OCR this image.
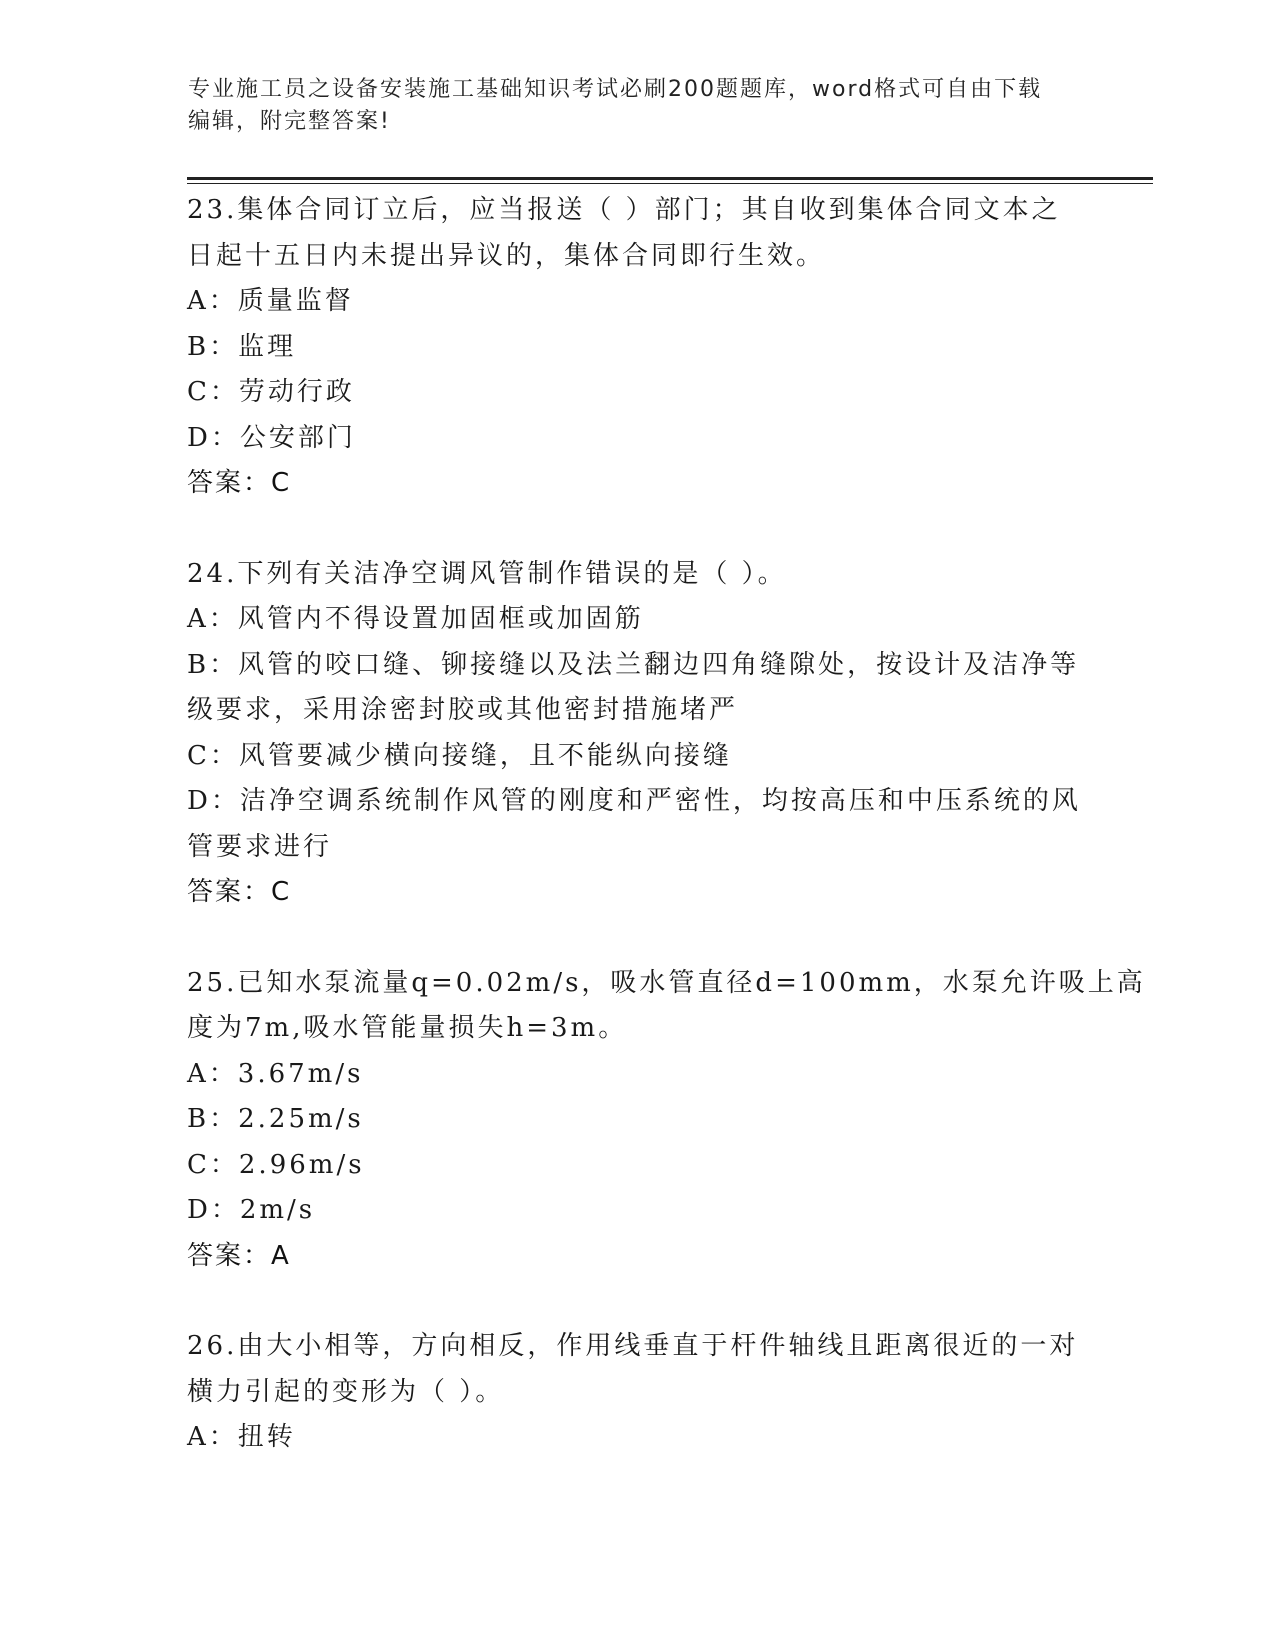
专业施工员之设备安装施工基础知识考试必刷200题题库，word格式可自由下载
编辑，附完整答案!
23.集体合同订立后，应当报送（ ）部门；其自收到集体合同文本之
日起十五日内未提出异议的，集体合同即行生效。
A：质量监督
B：监理
C：劳动行政
D：公安部门
答案：C
24.下列有关洁净空调风管制作错误的是（ ）。
A：风管内不得设置加固框或加固筋
B：风管的咬口缝、铆接缝以及法兰翻边四角缝隙处，按设计及洁净等
级要求，采用涂密封胶或其他密封措施堵严
C：风管要减少横向接缝，且不能纵向接缝
D：洁净空调系统制作风管的刚度和严密性，均按高压和中压系统的风
管要求进行
答案：C
25.已知水泵流量q=0.02m/s，吸水管直径d=100mm，水泵允许吸上高
度为7m,吸水管能量损失h=3m。
A：3.67m/s
B：2.25m/s
C：2.96m/s
D：2m/s
答案：A
26.由大小相等，方向相反，作用线垂直于杆件轴线且距离很近的一对
横力引起的变形为（ ）。
A：扭转
